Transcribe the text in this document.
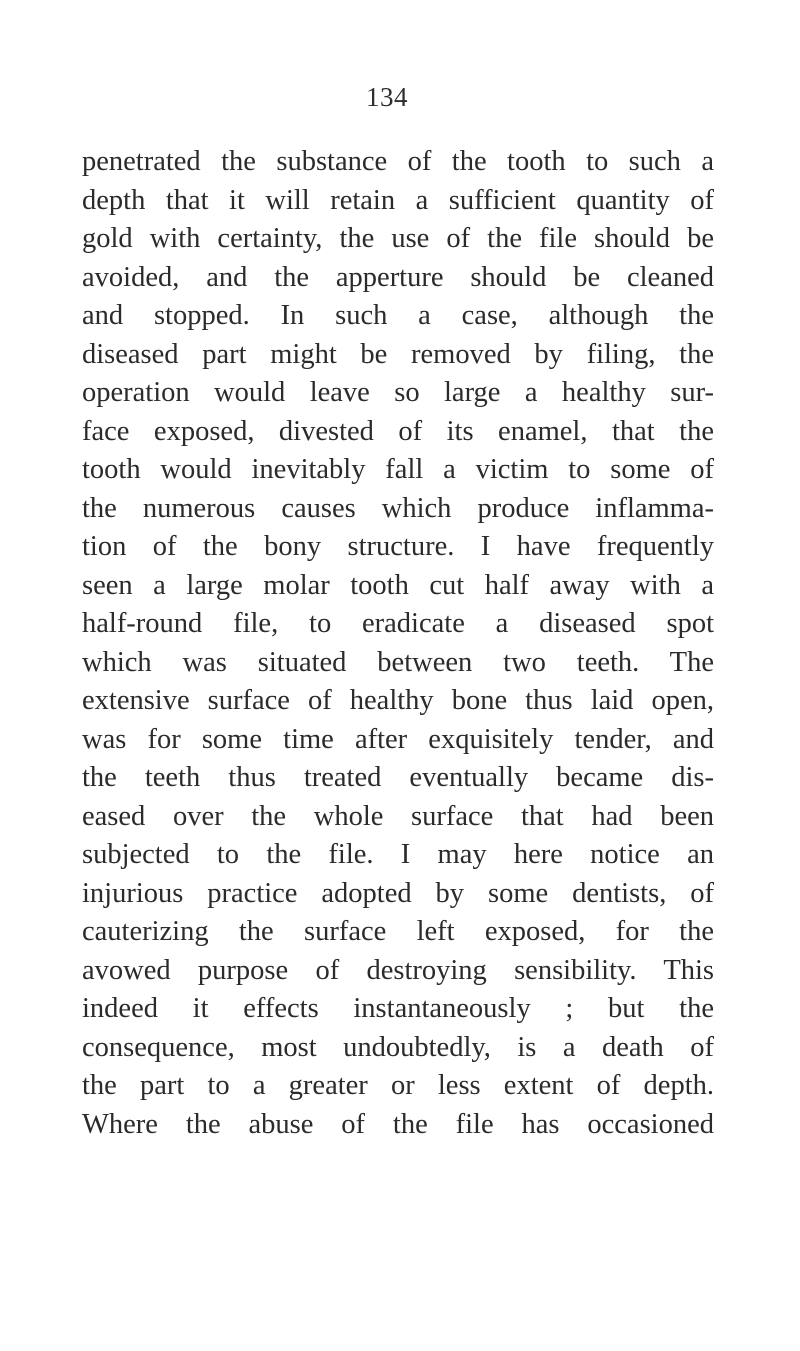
134
penetrated the substance of the tooth to such a
depth that it will retain a sufficient quantity of
gold with certainty, the use of the file should be
avoided, and the apperture should be cleaned
and stopped. In such a case, although the
diseased part might be removed by filing, the
operation would leave so large a healthy sur-
face exposed, divested of its enamel, that the
tooth would inevitably fall a victim to some of
the numerous causes which produce inflamma-
tion of the bony structure. I have frequently
seen a large molar tooth cut half away with a
half-round file, to eradicate a diseased spot
which was situated between two teeth. The
extensive surface of healthy bone thus laid open,
was for some time after exquisitely tender, and
the teeth thus treated eventually became dis-
eased over the whole surface that had been
subjected to the file. I may here notice an
injurious practice adopted by some dentists, of
cauterizing the surface left exposed, for the
avowed purpose of destroying sensibility. This
indeed it effects instantaneously ; but the
consequence, most undoubtedly, is a death of
the part to a greater or less extent of depth.
Where the abuse of the file has occasioned
